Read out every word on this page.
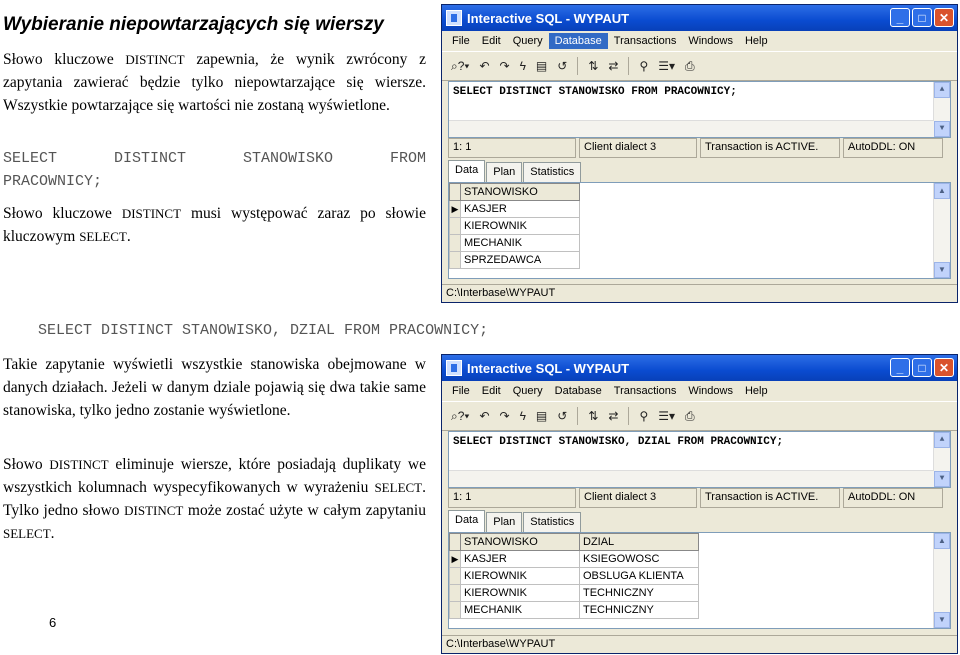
Wybieranie niepowtarzających się wierszy
Słowo kluczowe DISTINCT zapewnia, że wynik zwrócony z zapytania zawierać będzie tylko niepowtarzające się wiersze. Wszystkie powtarzające się wartości nie zostaną wyświetlone.
SELECT	DISTINCT	STANOWISKO	FROM
PRACOWNICY;
Słowo kluczowe DISTINCT musi występować zaraz po słowie kluczowym SELECT.
SELECT DISTINCT STANOWISKO, DZIAL FROM PRACOWNICY;
Takie zapytanie wyświetli wszystkie stanowiska obejmowane w danych działach. Jeżeli w danym dziale pojawią się dwa takie same stanowiska, tylko jedno zostanie wyświetlone.
Słowo DISTINCT eliminuje wiersze, które posiadają duplikaty we wszystkich kolumnach wyspecyfikowanych w wyrażeniu SELECT. Tylko jedno słowo DISTINCT może zostać użyte w całym zapytaniu SELECT.
6
Interactive SQL - WYPAUT	_	□	✕
File	Edit	Query	Database	Transactions	Windows	Help
⌕?▾ ↶ ↷ ϟ ▤ ↺ ⇅ ⇄ ⚲ ☰▾ ⎙
SELECT DISTINCT STANOWISKO FROM PRACOWNICY;	▲
▼
1: 1	Client dialect 3	Transaction is ACTIVE.	AutoDDL: ON
Data	Plan	Statistics
	STANOWISKO
▶	KASJER
	KIEROWNIK
	MECHANIK
	SPRZEDAWCA
▲
▼
C:\Interbase\WYPAUT
Interactive SQL - WYPAUT	_	□	✕
File	Edit	Query	Database	Transactions	Windows	Help
⌕?▾ ↶ ↷ ϟ ▤ ↺ ⇅ ⇄ ⚲ ☰▾ ⎙
SELECT DISTINCT STANOWISKO, DZIAL FROM PRACOWNICY;	▲
▼
1: 1	Client dialect 3	Transaction is ACTIVE.	AutoDDL: ON
Data	Plan	Statistics
	STANOWISKO	DZIAL
▶	KASJER	KSIEGOWOSC
	KIEROWNIK	OBSLUGA KLIENTA
	KIEROWNIK	TECHNICZNY
	MECHANIK	TECHNICZNY
▲
▼
C:\Interbase\WYPAUT
